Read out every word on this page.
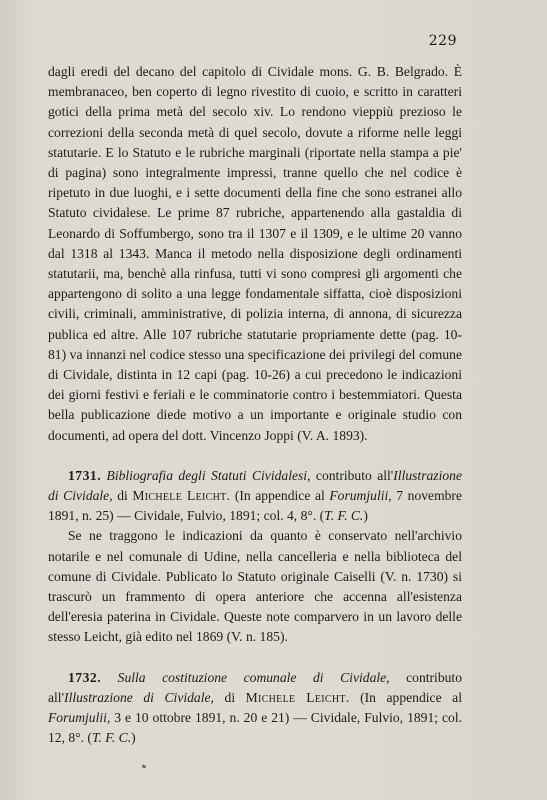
229

dagli eredi del decano del capitolo di Cividale mons. G. B. Belgrado. È membranaceo, ben coperto di legno rivestito di cuoio, e scritto in caratteri gotici della prima metà del secolo xiv. Lo rendono vieppiù prezioso le correzioni della seconda metà di quel secolo, dovute a riforme nelle leggi statutarie. E lo Statuto e le rubriche marginali (riportate nella stampa a pie' di pagina) sono integralmente impressi, tranne quello che nel codice è ripetuto in due luoghi, e i sette documenti della fine che sono estranei allo Statuto cividalese. Le prime 87 rubriche, appartenendo alla gastaldia di Leonardo di Soffumbergo, sono tra il 1307 e il 1309, e le ultime 20 vanno dal 1318 al 1343. Manca il metodo nella disposizione degli ordinamenti statutarii, ma, benchè alla rinfusa, tutti vi sono compresi gli argomenti che appartengono di solito a una legge fondamentale siffatta, cioè disposizioni civili, criminali, amministrative, di polizia interna, di annona, di sicurezza publica ed altre. Alle 107 rubriche statutarie propriamente dette (pag. 10-81) va innanzi nel codice stesso una specificazione dei privilegi del comune di Cividale, distinta in 12 capi (pag. 10-26) a cui precedono le indicazioni dei giorni festivi e feriali e le comminatorie contro i bestemmiatori. Questa bella publicazione diede motivo a un importante e originale studio con documenti, ad opera del dott. Vincenzo Joppi (V. A. 1893).

1731. Bibliografia degli Statuti Cividalesi, contributo all'Illustrazione di Cividale, di Michele Leicht. (In appendice al Forumjulii, 7 novembre 1891, n. 25) — Cividale, Fulvio, 1891; col. 4, 8°. (T. F. C.)

Se ne traggono le indicazioni da quanto è conservato nell'archivio notarile e nel comunale di Udine, nella cancelleria e nella biblioteca del comune di Cividale. Publicato lo Statuto originale Caiselli (V. n. 1730) si trascurò un frammento di opera anteriore che accenna all'esistenza dell'eresia paterina in Cividale. Queste note comparvero in un lavoro delle stesso Leicht, già edito nel 1869 (V. n. 185).

1732. Sulla costituzione comunale di Cividale, contributo all'Illustrazione di Cividale, di Michele Leicht. (In appendice al Forumjulii, 3 e 10 ottobre 1891, n. 20 e 21) — Cividale, Fulvio, 1891; col. 12, 8°. (T. F. C.)
